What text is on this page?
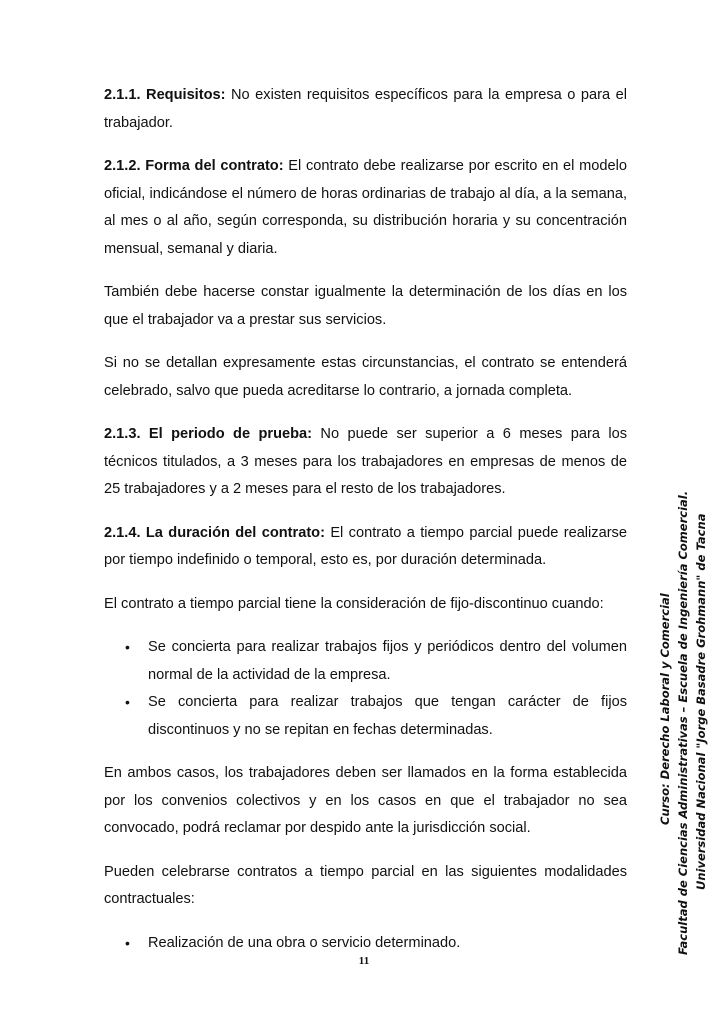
2.1.1. Requisitos: No existen requisitos específicos para la empresa o para el trabajador.

2.1.2. Forma del contrato: El contrato debe realizarse por escrito en el modelo oficial, indicándose el número de horas ordinarias de trabajo al día, a la semana, al mes o al año, según corresponda, su distribución horaria y su concentración mensual, semanal y diaria.

También debe hacerse constar igualmente la determinación de los días en los que el trabajador va a prestar sus servicios.

Si no se detallan expresamente estas circunstancias, el contrato se entenderá celebrado, salvo que pueda acreditarse lo contrario, a jornada completa.

2.1.3. El periodo de prueba: No puede ser superior a 6 meses para los técnicos titulados, a 3 meses para los trabajadores en empresas de menos de 25 trabajadores y a 2 meses para el resto de los trabajadores.

2.1.4. La duración del contrato: El contrato a tiempo parcial puede realizarse por tiempo indefinido o temporal, esto es, por duración determinada.

El contrato a tiempo parcial tiene la consideración de fijo-discontinuo cuando:

• Se concierta para realizar trabajos fijos y periódicos dentro del volumen normal de la actividad de la empresa.
• Se concierta para realizar trabajos que tengan carácter de fijos discontinuos y no se repitan en fechas determinadas.

En ambos casos, los trabajadores deben ser llamados en la forma establecida por los convenios colectivos y en los casos en que el trabajador no sea convocado, podrá reclamar por despido ante la jurisdicción social.

Pueden celebrarse contratos a tiempo parcial en las siguientes modalidades contractuales:

• Realización de una obra o servicio determinado.
11
Curso: Derecho Laboral y Comercial Facultad de Ciencias Administrativas – Escuela de Ingeniería Comercial. Universidad Nacional "Jorge Basadre Grohmann" de Tacna
